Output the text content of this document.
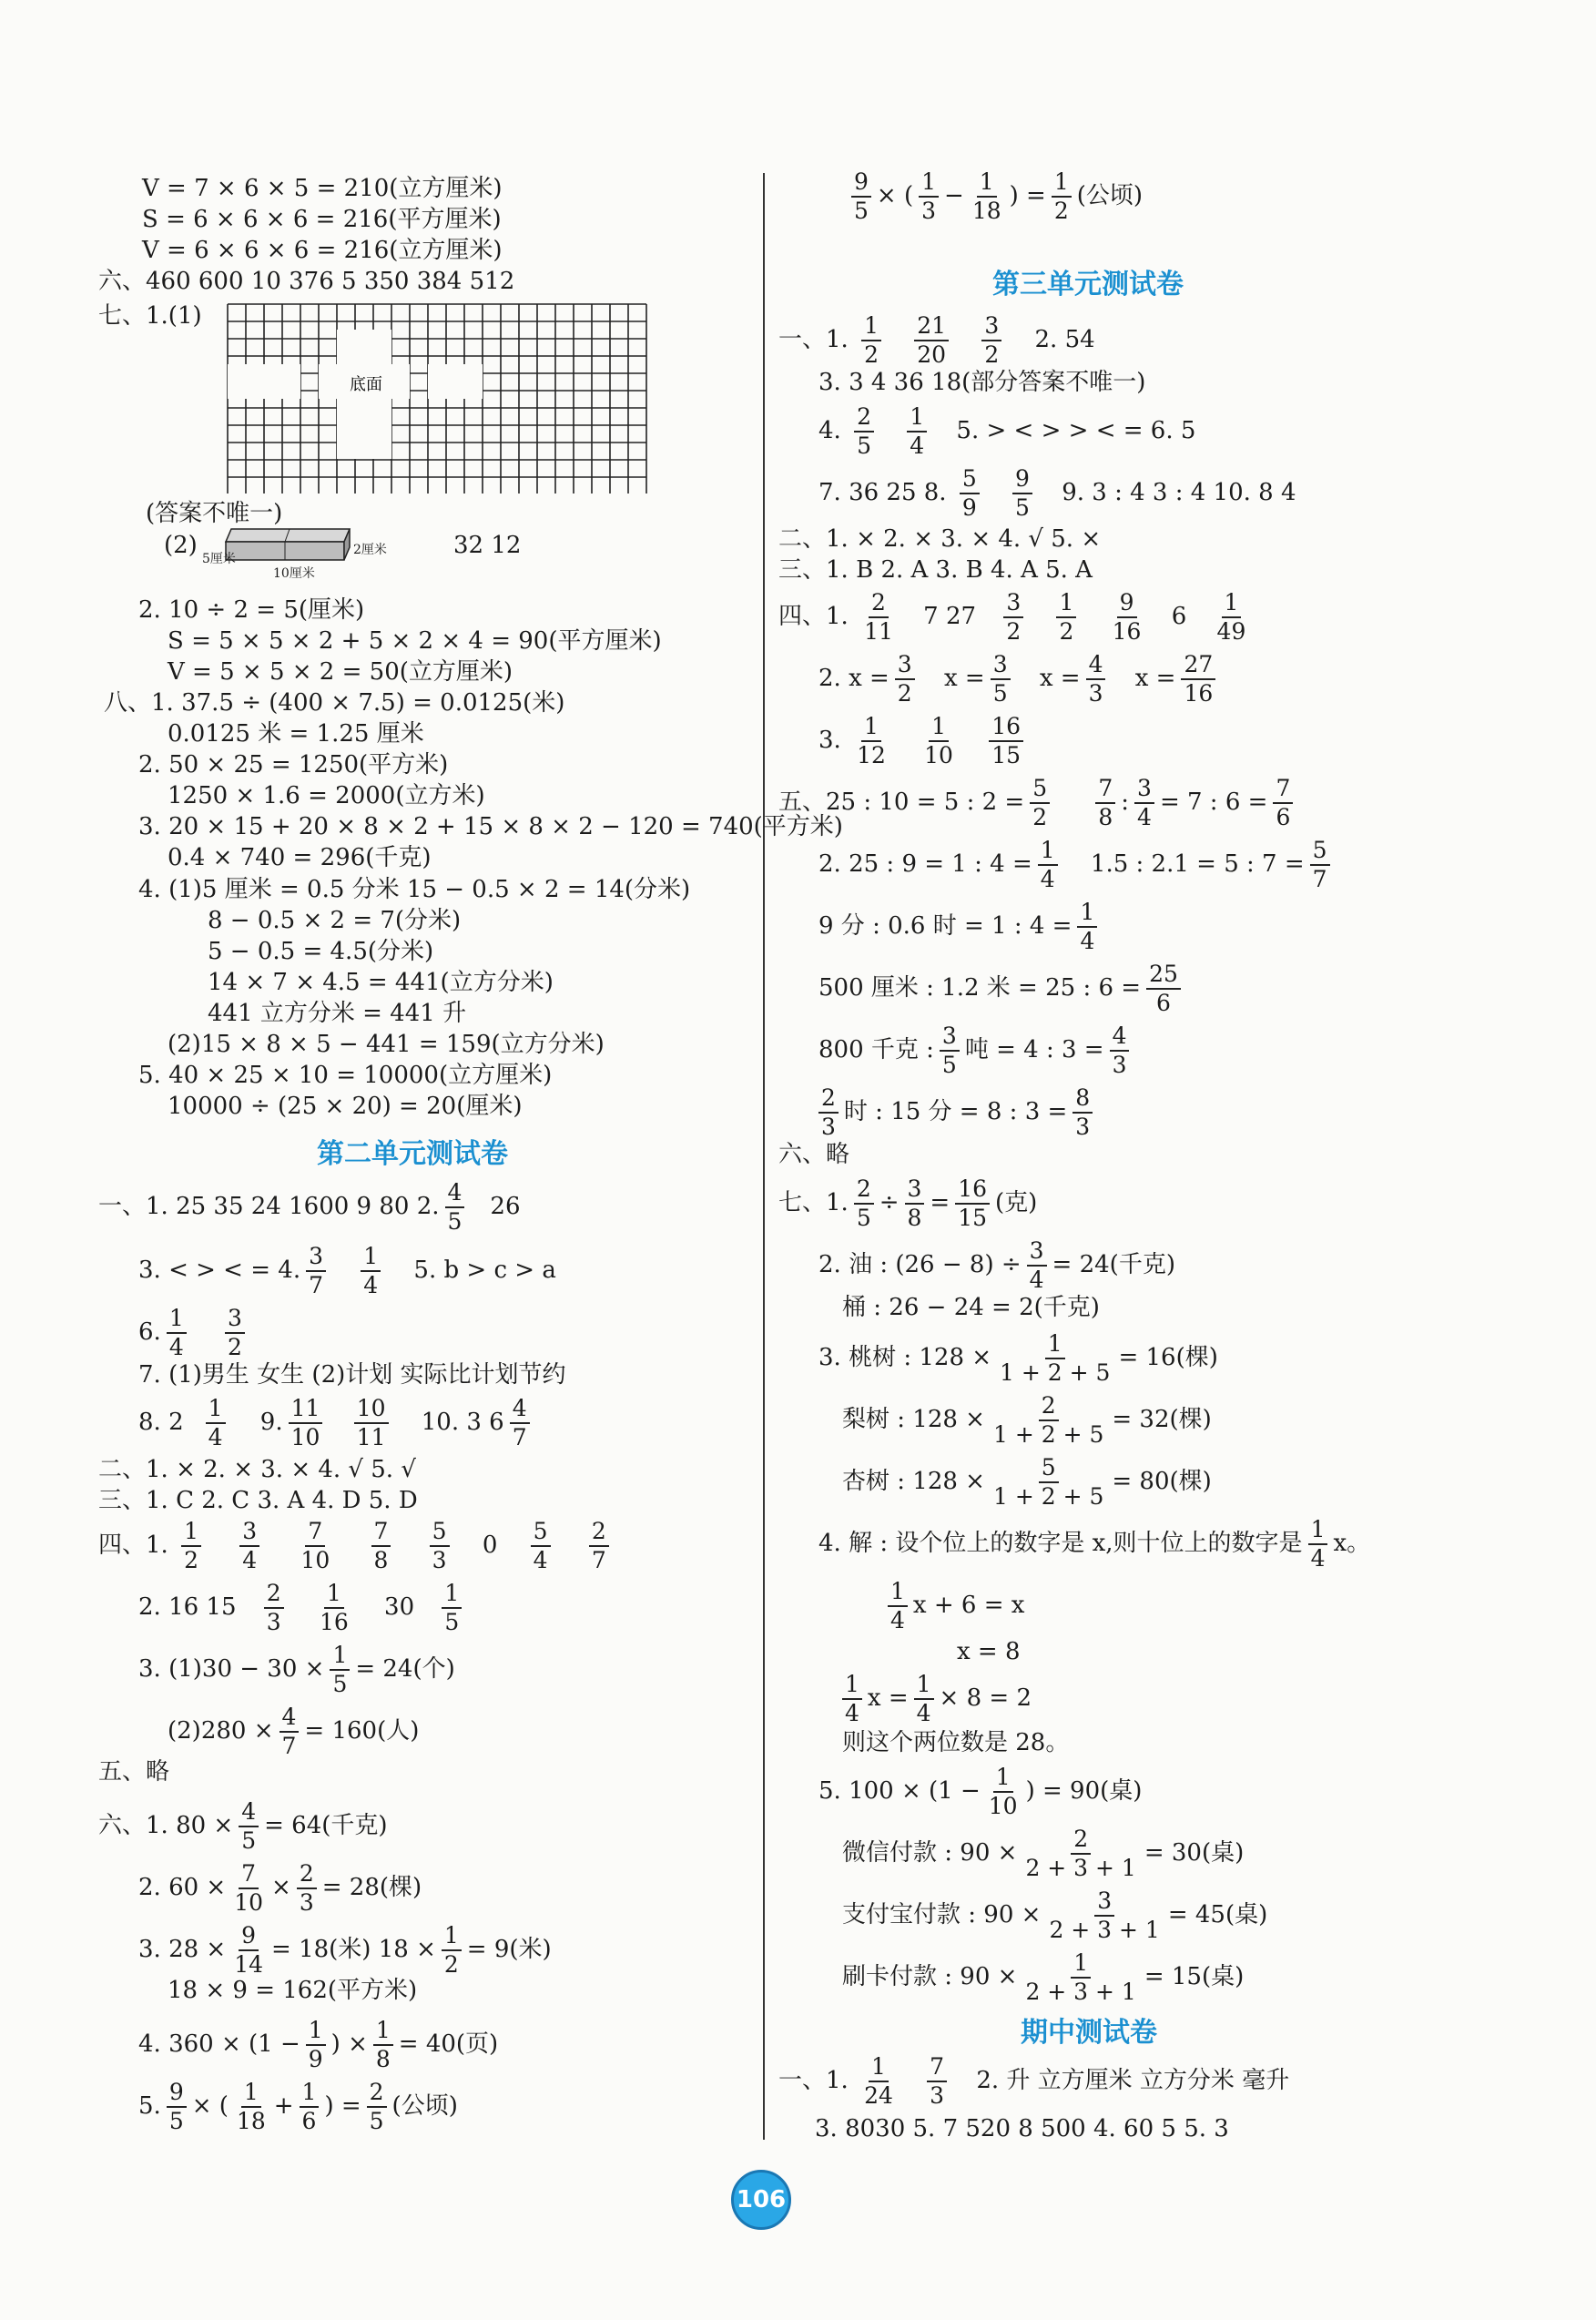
V = 7 × 6 × 5 = 210(立方厘米)
S = 6 × 6 × 6 = 216(平方厘米)
V = 6 × 6 × 6 = 216(立方厘米)
六、460 600 10 376 5 350 384 512
七、1.(1)
底面
(答案不唯一)
(2) 5厘米
2厘米
10厘米
32 12
2. 10 ÷ 2 = 5(厘米)
S = 5 × 5 × 2 + 5 × 2 × 4 = 90(平方厘米)
V = 5 × 5 × 2 = 50(立方厘米)
八、1. 37.5 ÷ (400 × 7.5) = 0.0125(米)
0.0125 米 = 1.25 厘米
2. 50 × 25 = 1250(平方米)
1250 × 1.6 = 2000(立方米)
3. 20 × 15 + 20 × 8 × 2 + 15 × 8 × 2 − 120 = 740(平方米)
0.4 × 740 = 296(千克)
4. (1)5 厘米 = 0.5 分米 15 − 0.5 × 2 = 14(分米)
8 − 0.5 × 2 = 7(分米)
5 − 0.5 = 4.5(分米)
14 × 7 × 4.5 = 441(立方分米)
441 立方分米 = 441 升
(2)15 × 8 × 5 − 441 = 159(立方分米)
5. 40 × 25 × 10 = 10000(立方厘米)
10000 ÷ (25 × 20) = 20(厘米)
第二单元测试卷
一、1. 25 35 24 1600 9 80 2. $\frac{4}{5} 26$
3. < > < = 4. $\frac{3}{7}$
$\frac{1}{4} 5$. b > c > a
6. $\frac{1}{4}$
$\frac{3}{2}$
7. (1)男生 女生 (2)计划 实际比计划节约
8. $2 \frac{1}{4} 9$. $\frac{11}{10}$
$\frac{10}{11} 10$. 3 $6 \frac{4}{7}$
二、1. × 2. × 3. × 4. √ 5. √
三、1. C 2. C 3. A 4. D 5. D
四、1. $\frac{1}{2}$
$\frac{3}{4}$
$\frac{7}{10}$
$\frac{7}{8}$
$\frac{5}{3} 0 \frac{5}{4}$
$\frac{2}{7}$
2. 16 $15 \frac{2}{3}$
$\frac{1}{16} 30 \frac{1}{5}$
3. $(1)30 - 30 \times \frac{1}{5} = 24$(个)
$(2)280 \times \frac{4}{7} = 160$(人)
五、略
六、1. $80 \times \frac{4}{5} = 64$(千克)
2. $60 \times \frac{7}{10} \times \frac{2}{3} = 28$(棵)
3. $28 \times \frac{9}{14} = 18$(米) $18 \times \frac{1}{2} = 9$(米)
18 × 9 = 162(平方米)
4. $360 \times (1 - \frac{1}{9}$ ) × $\frac{1}{8} = 40$(页)
5. $\frac{9}{5}$ × ( $\frac{1}{18} + \frac{1}{6}$ ) = $\frac{2}{5}$ (公顷)
$\frac{9}{5}$ × ( $\frac{1}{3} - \frac{1}{18}$ ) = $\frac{1}{2}$ (公顷)
第三单元测试卷
一、1. $\frac{1}{2}$
$\frac{21}{20}$
$\frac{3}{2} 2$. 54
3. 3 4 36 18(部分答案不唯一)
4. $\frac{2}{5}$
$\frac{1}{4} 5$. > < > > < = 6. 5
7. 36 25 8. $\frac{5}{9}$
$\frac{9}{5} 9$. 3 : 4 3 : 4 10. 8 4
二、1. × 2. × 3. × 4. √ 5. ×
三、1. B 2. A 3. B 4. A 5. A
四、1. $\frac{2}{11} 7$ $27 \frac{3}{2}$
$\frac{1}{2}$
$\frac{9}{16} 6 \frac{1}{49}$
2. $x = \frac{3}{2}$ $x = \frac{3}{5}$ $x = \frac{4}{3}$ $x = \frac{27}{16}$
3. $\frac{1}{12}$
$\frac{1}{10}$
$\frac{16}{15}$
五、25 : 10 = 5 : $2 = \frac{5}{2}$
$\frac{7}{8}$ : $\frac{3}{4} = 7$ : $6 = \frac{7}{6}$
2. 25 : 9 = 1 : $4 = \frac{1}{4} 1.5$ : 2.1 = 5 : $7 = \frac{5}{7}$
9 分 : 0.6 时 = 1 : $4 = \frac{1}{4}$
500 厘米 : 1.2 米 = 25 : $6 = \frac{25}{6}$
800 千克 : $\frac{3}{5}$ 吨 = 4 : $3 = \frac{4}{3}$
$\frac{2}{3}$ 时 : 15 分 = 8 : $3 = \frac{8}{3}$
六、略
七、1. $\frac{2}{5} \div \frac{3}{8} = \frac{16}{15}$ (克)
2. 油 : $(26 - 8) \div \frac{3}{4} = 24$(千克)
桶 : 26 − 24 = 2(千克)
3. 桃树 : $128 \times \frac{1}{1 + 2 + 5} = 16$(棵)
梨树 : $128 \times \frac{2}{1 + 2 + 5} = 32$(棵)
杏树 : $128 \times \frac{5}{1 + 2 + 5} = 80$(棵)
4. 解 : 设个位上的数字是 x,则十位上的数字是 $\frac{1}{4}$ x。
$\frac{1}{4}$ x + 6 = x
x = 8
$\frac{1}{4}$ $x = \frac{1}{4} \times 8 = 2$
则这个两位数是 28。
5. $100 \times (1 - \frac{1}{10}$ ) = 90(桌)
微信付款 : $90 \times \frac{2}{2 + 3 + 1} = 30$(桌)
支付宝付款 : $90 \times \frac{3}{2 + 3 + 1} = 45$(桌)
刷卡付款 : $90 \times \frac{1}{2 + 3 + 1} = 15$(桌)
期中测试卷
一、1. $\frac{1}{24}$
$\frac{7}{3} 2$. 升 立方厘米 立方分米 毫升
3. 8030 5. 7 520 8 500 4. 60 5 5. 3
106
